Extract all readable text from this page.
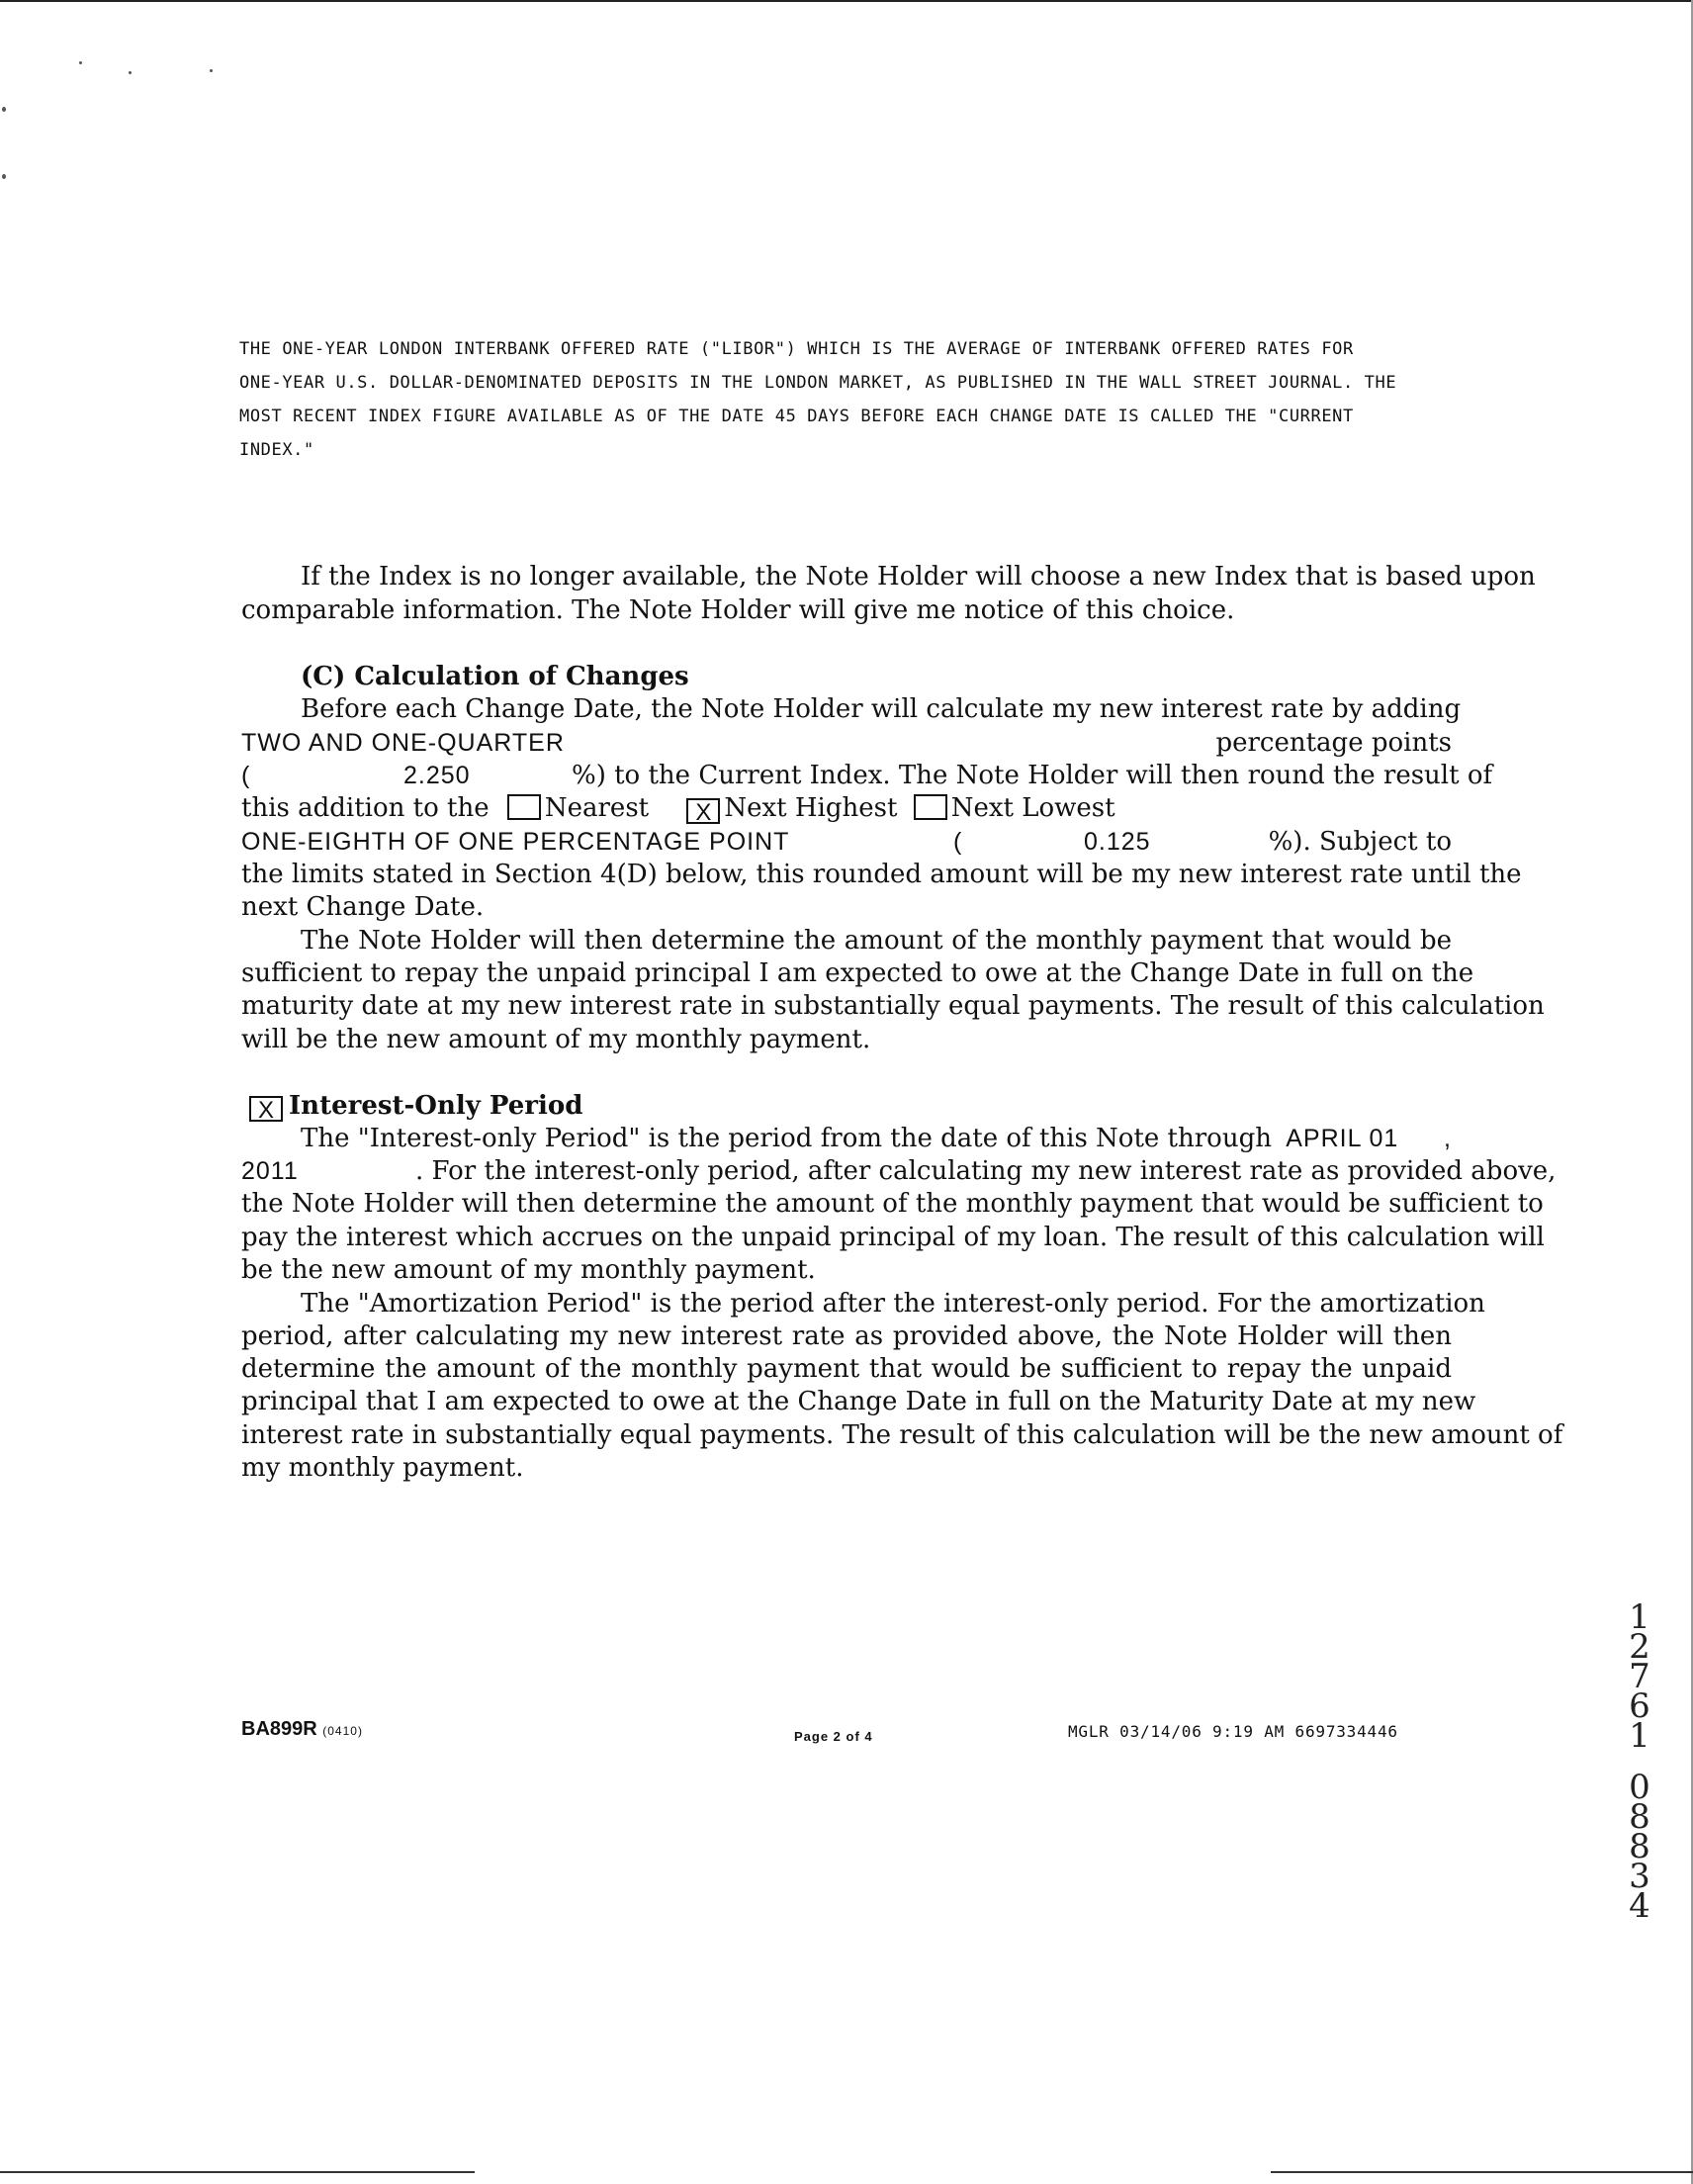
THE ONE-YEAR LONDON INTERBANK OFFERED RATE ("LIBOR") WHICH IS THE AVERAGE OF INTERBANK OFFERED RATES FOR
ONE-YEAR U.S. DOLLAR-DENOMINATED DEPOSITS IN THE LONDON MARKET, AS PUBLISHED IN THE WALL STREET JOURNAL. THE
MOST RECENT INDEX FIGURE AVAILABLE AS OF THE DATE 45 DAYS BEFORE EACH CHANGE DATE IS CALLED THE "CURRENT
INDEX."
If the Index is no longer available, the Note Holder will choose a new Index that is based upon
comparable information. The Note Holder will give me notice of this choice.
(C) Calculation of Changes
Before each Change Date, the Note Holder will calculate my new interest rate by adding
TWO AND ONE-QUARTER	percentage points
(	2.250	%) to the Current Index. The Note Holder will then round the result of
this addition to the Nearest X Next Highest Next Lowest
ONE-EIGHTH OF ONE PERCENTAGE POINT	(	0.125	%). Subject to
the limits stated in Section 4(D) below, this rounded amount will be my new interest rate until the
next Change Date.
The Note Holder will then determine the amount of the monthly payment that would be
sufficient to repay the unpaid principal I am expected to owe at the Change Date in full on the
maturity date at my new interest rate in substantially equal payments. The result of this calculation
will be the new amount of my monthly payment.
X Interest-Only Period
The "Interest-only Period" is the period from the date of this Note through APRIL 01 ,
2011	. For the interest-only period, after calculating my new interest rate as provided above,
the Note Holder will then determine the amount of the monthly payment that would be sufficient to
pay the interest which accrues on the unpaid principal of my loan. The result of this calculation will
be the new amount of my monthly payment.
The "Amortization Period" is the period after the interest-only period. For the amortization
period, after calculating my new interest rate as provided above, the Note Holder will then
determine the amount of the monthly payment that would be sufficient to repay the unpaid
principal that I am expected to owe at the Change Date in full on the Maturity Date at my new
interest rate in substantially equal payments. The result of this calculation will be the new amount of
my monthly payment.
BA899R (0410)	Page 2 of 4	MGLR 03/14/06 9:19 AM 6697334446
1
2
7
6
1
0
8
8
3
4
